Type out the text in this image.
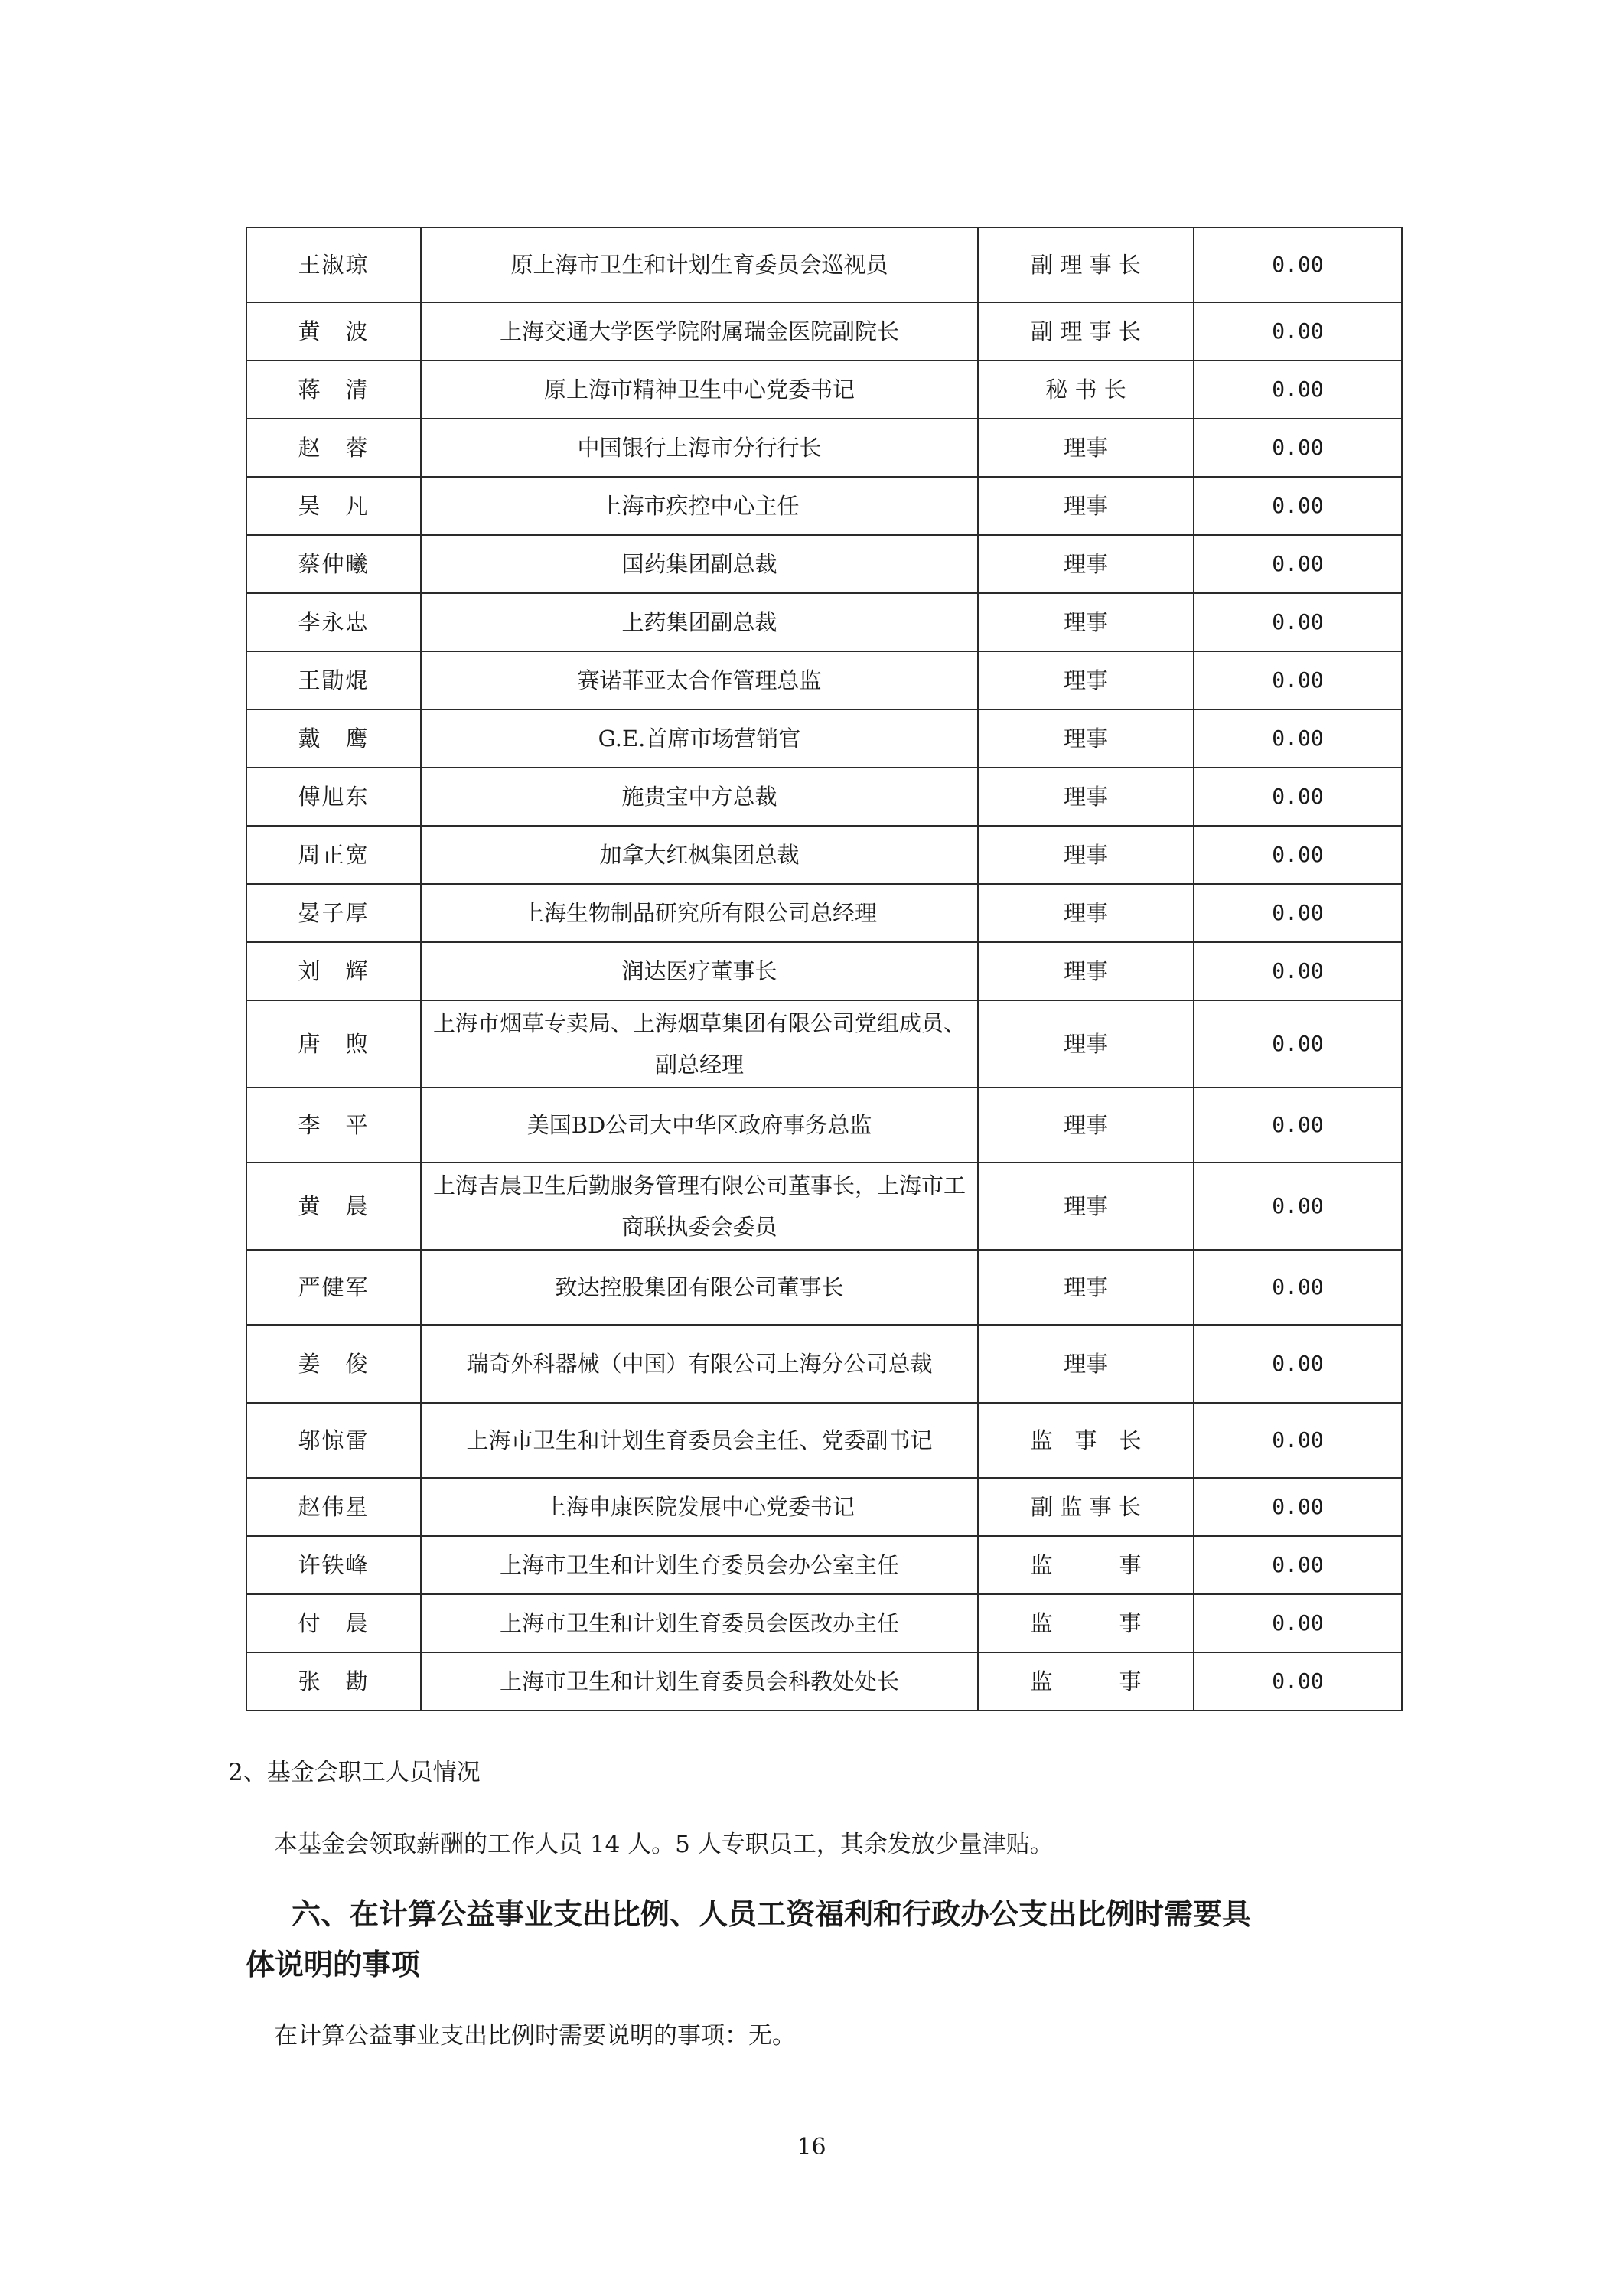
王淑琼	原上海市卫生和计划生育委员会巡视员	副 理 事 长	0.00
黄　波	上海交通大学医学院附属瑞金医院副院长	副 理 事 长	0.00
蒋　清	原上海市精神卫生中心党委书记	秘 书 长	0.00
赵　蓉	中国银行上海市分行行长	理事	0.00
吴　凡	上海市疾控中心主任	理事	0.00
蔡仲曦	国药集团副总裁	理事	0.00
李永忠	上药集团副总裁	理事	0.00
王勖焜	赛诺菲亚太合作管理总监	理事	0.00
戴　鹰	G.E.首席市场营销官	理事	0.00
傅旭东	施贵宝中方总裁	理事	0.00
周正宽	加拿大红枫集团总裁	理事	0.00
晏子厚	上海生物制品研究所有限公司总经理	理事	0.00
刘　辉	润达医疗董事长	理事	0.00
唐　煦	上海市烟草专卖局、上海烟草集团有限公司党组成员、副总经理	理事	0.00
李　平	美国BD公司大中华区政府事务总监	理事	0.00
黄　晨	上海吉晨卫生后勤服务管理有限公司董事长，上海市工商联执委会委员	理事	0.00
严健军	致达控股集团有限公司董事长	理事	0.00
姜　俊	瑞奇外科器械（中国）有限公司上海分公司总裁	理事	0.00
邬惊雷	上海市卫生和计划生育委员会主任、党委副书记	监　事　长	0.00
赵伟星	上海申康医院发展中心党委书记	副 监 事 长	0.00
许铁峰	上海市卫生和计划生育委员会办公室主任	监　　　事	0.00
付　晨	上海市卫生和计划生育委员会医改办主任	监　　　事	0.00
张　勘	上海市卫生和计划生育委员会科教处处长	监　　　事	0.00
2、基金会职工人员情况
本基金会领取薪酬的工作人员 14 人。5 人专职员工，其余发放少量津贴。
六、在计算公益事业支出比例、人员工资福利和行政办公支出比例时需要具
体说明的事项
在计算公益事业支出比例时需要说明的事项：无。
16
